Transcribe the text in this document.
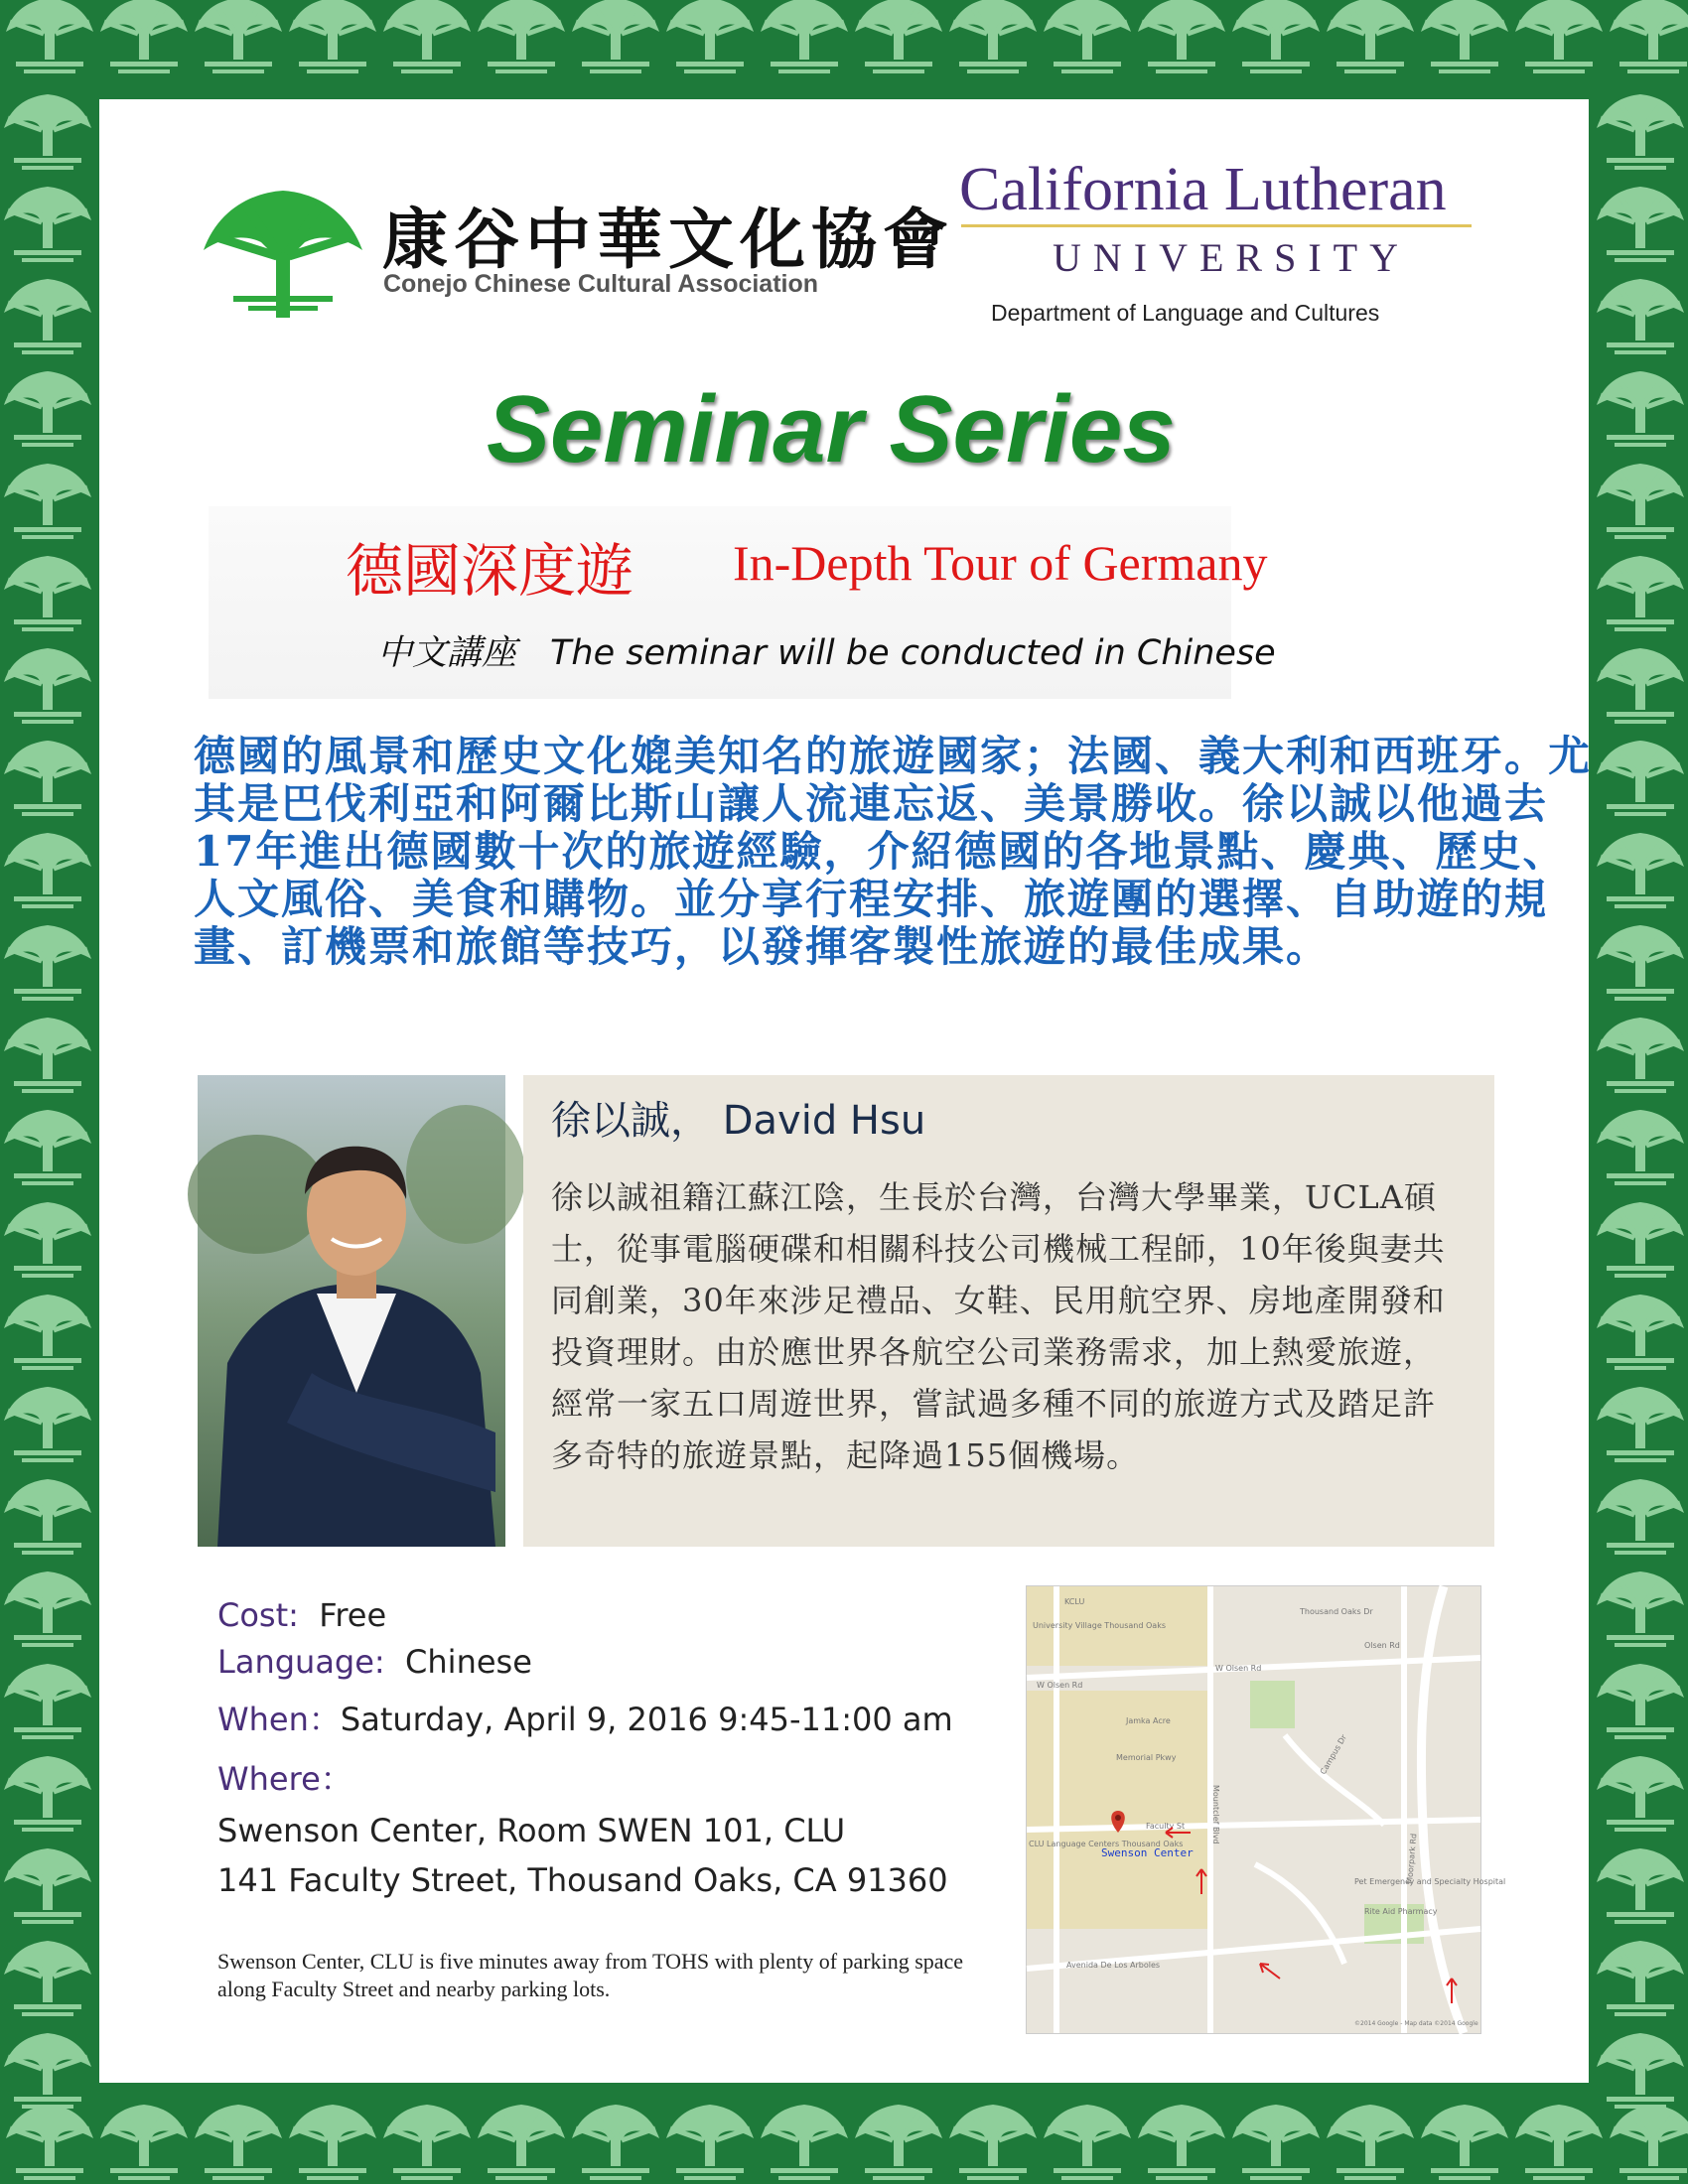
康谷中華文化協會
Conejo Chinese Cultural Association
California Lutheran
UNIVERSITY
Department of Language and Cultures
Seminar Series
德國深度遊 In-Depth Tour of Germany
中文講座 The seminar will be conducted in Chinese
德國的風景和歷史文化媲美知名的旅遊國家；法國、義大利和西班牙。尤其是巴伐利亞和阿爾比斯山讓人流連忘返、美景勝收。徐以誠以他過去17年進出德國數十次的旅遊經驗，介紹德國的各地景點、慶典、歷史、人文風俗、美食和購物。並分享行程安排、旅遊團的選擇、自助遊的規畫、訂機票和旅館等技巧，以發揮客製性旅遊的最佳成果。
徐以誠， David Hsu
徐以誠祖籍江蘇江陰，生長於台灣，台灣大學畢業，UCLA碩士，從事電腦硬碟和相關科技公司機械工程師，10年後與妻共同創業，30年來涉足禮品、女鞋、民用航空界、房地產開發和投資理財。由於應世界各航空公司業務需求，加上熱愛旅遊，經常一家五口周遊世界，嘗試過多種不同的旅遊方式及踏足許多奇特的旅遊景點，起降過155個機場。
Cost: Free
Language: Chinese
When：Saturday, April 9, 2016 9:45-11:00 am
Where：
Swenson Center, Room SWEN 101, CLU
141 Faculty Street, Thousand Oaks, CA 91360
Swenson Center, CLU is five minutes away from TOHS with plenty of parking space along Faculty Street and nearby parking lots.
KCLU
Thousand Oaks Dr
University Village Thousand Oaks
Jamka Acre
W Olsen Rd
W Olsen Rd
Faculty St
Avenida De Los Arboles
Mountclef Blvd
Moorpark Rd
Campus Dr
Memorial Pkwy
Olsen Rd
Pet Emergency and Specialty Hospital
Rite Aid Pharmacy
CLU Language Centers Thousand Oaks
©2014 Google - Map data ©2014 Google
Swenson Center
